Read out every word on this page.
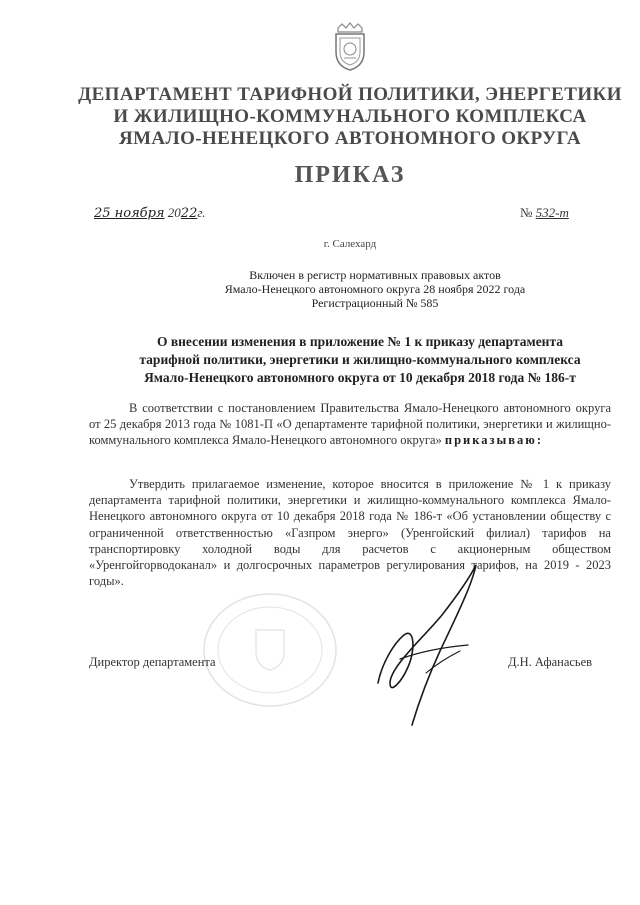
ДЕПАРТАМЕНТ ТАРИФНОЙ ПОЛИТИКИ, ЭНЕРГЕТИКИ
И ЖИЛИЩНО-КОММУНАЛЬНОГО КОМПЛЕКСА
ЯМАЛО-НЕНЕЦКОГО АВТОНОМНОГО ОКРУГА
ПРИКАЗ
25 ноября 2022г.	№ 532-т
г. Салехард
Включен в регистр нормативных правовых актов
Ямало-Ненецкого автономного округа 28 ноября 2022 года
Регистрационный № 585
О внесении изменения в приложение № 1 к приказу департамента
тарифной политики, энергетики и жилищно-коммунального комплекса
Ямало-Ненецкого автономного округа от 10 декабря 2018 года № 186-т
В соответствии с постановлением Правительства Ямало-Ненецкого автономного округа от 25 декабря 2013 года № 1081-П «О департаменте тарифной политики, энергетики и жилищно-коммунального комплекса Ямало-Ненецкого автономного округа» приказываю:
Утвердить прилагаемое изменение, которое вносится в приложение № 1 к приказу департамента тарифной политики, энергетики и жилищно-коммунального комплекса Ямало-Ненецкого автономного округа от 10 декабря 2018 года № 186-т «Об установлении обществу с ограниченной ответственностью «Газпром энерго» (Уренгойский филиал) тарифов на транспортировку холодной воды для расчетов с акционерным обществом «Уренгойгорводоканал» и долгосрочных параметров регулирования тарифов, на 2019 - 2023 годы».
Директор департамента	Д.Н. Афанасьев
